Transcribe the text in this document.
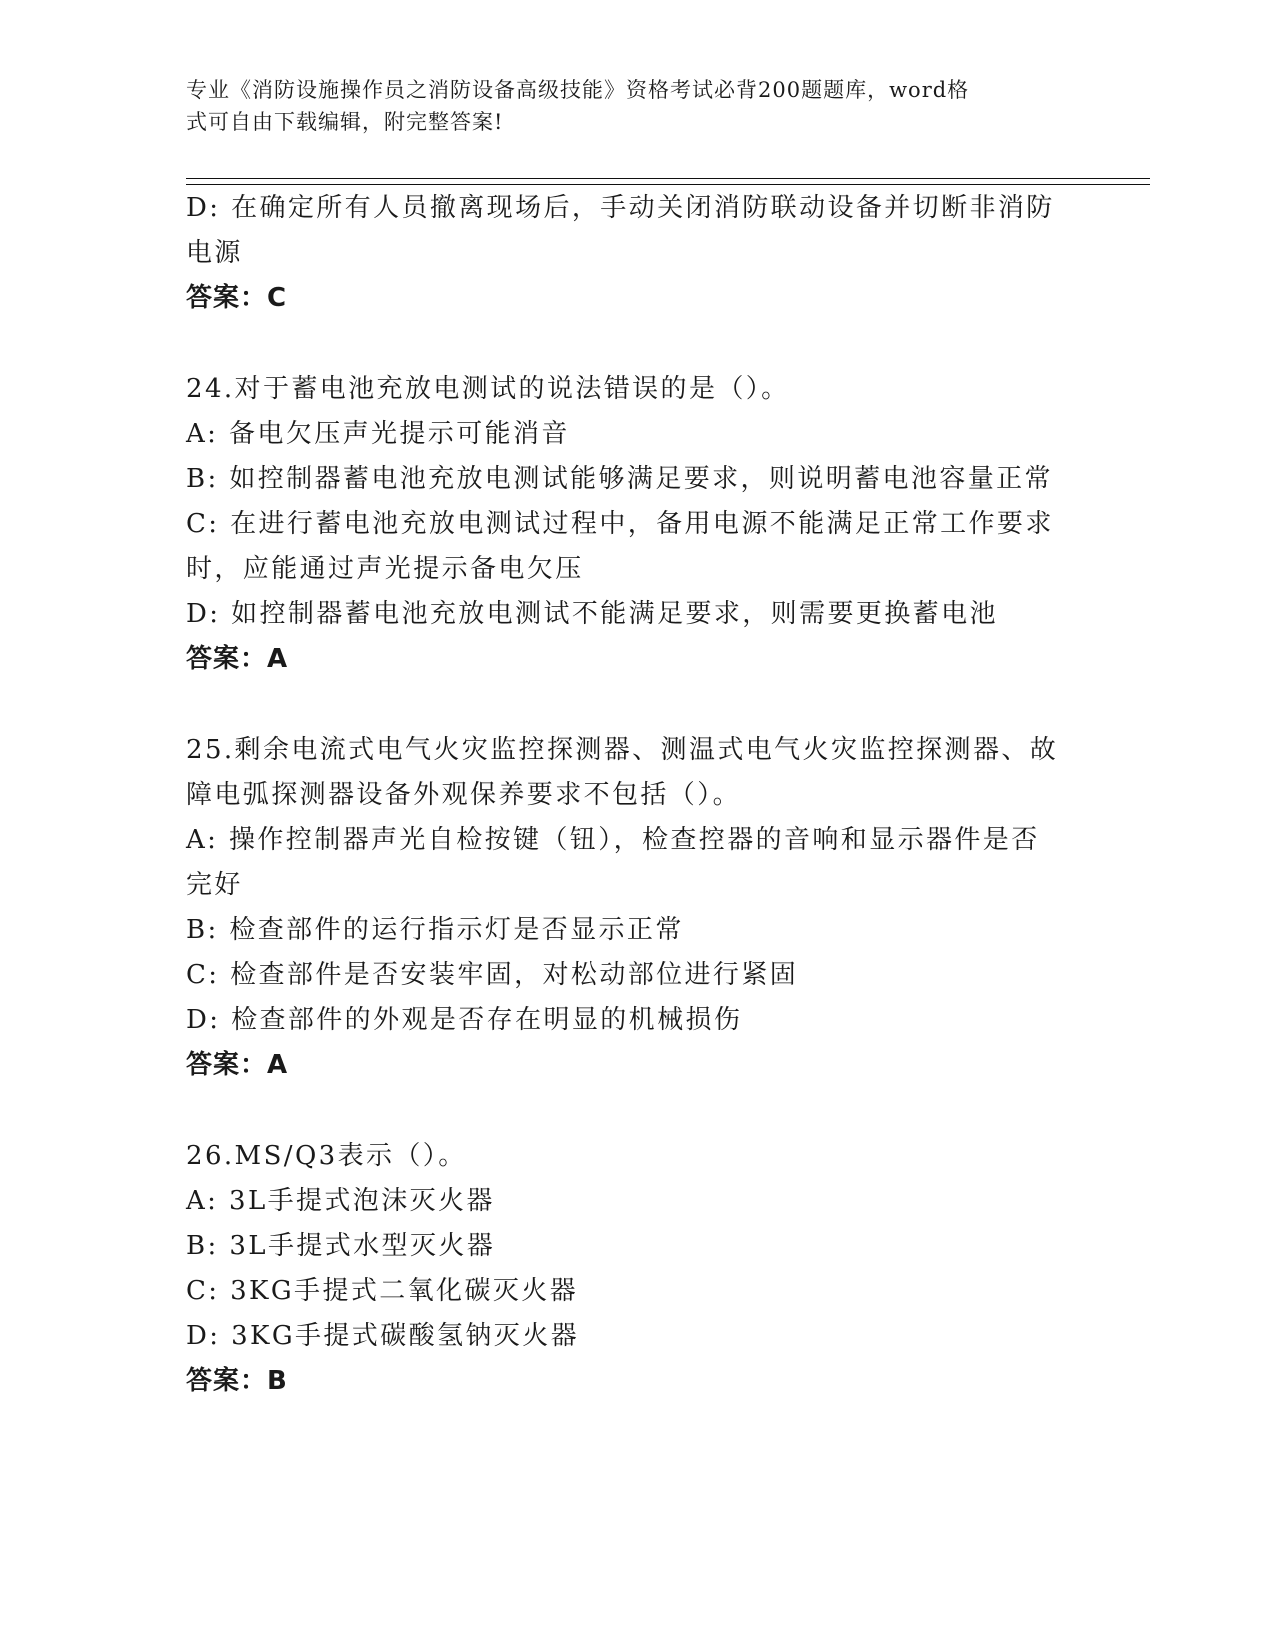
专业《消防设施操作员之消防设备高级技能》资格考试必背200题题库，word格
式可自由下载编辑，附完整答案!
D: 在确定所有人员撤离现场后，手动关闭消防联动设备并切断非消防
电源
答案：C
24.对于蓄电池充放电测试的说法错误的是（）。
A: 备电欠压声光提示可能消音
B: 如控制器蓄电池充放电测试能够满足要求，则说明蓄电池容量正常
C: 在进行蓄电池充放电测试过程中，备用电源不能满足正常工作要求
时，应能通过声光提示备电欠压
D: 如控制器蓄电池充放电测试不能满足要求，则需要更换蓄电池
答案：A
25.剩余电流式电气火灾监控探测器、测温式电气火灾监控探测器、故
障电弧探测器设备外观保养要求不包括（）。
A: 操作控制器声光自检按键（钮），检查控器的音响和显示器件是否
完好
B: 检查部件的运行指示灯是否显示正常
C: 检查部件是否安装牢固，对松动部位进行紧固
D: 检查部件的外观是否存在明显的机械损伤
答案：A
26.MS/Q3表示（）。
A: 3L手提式泡沫灭火器
B: 3L手提式水型灭火器
C: 3KG手提式二氧化碳灭火器
D: 3KG手提式碳酸氢钠灭火器
答案：B
